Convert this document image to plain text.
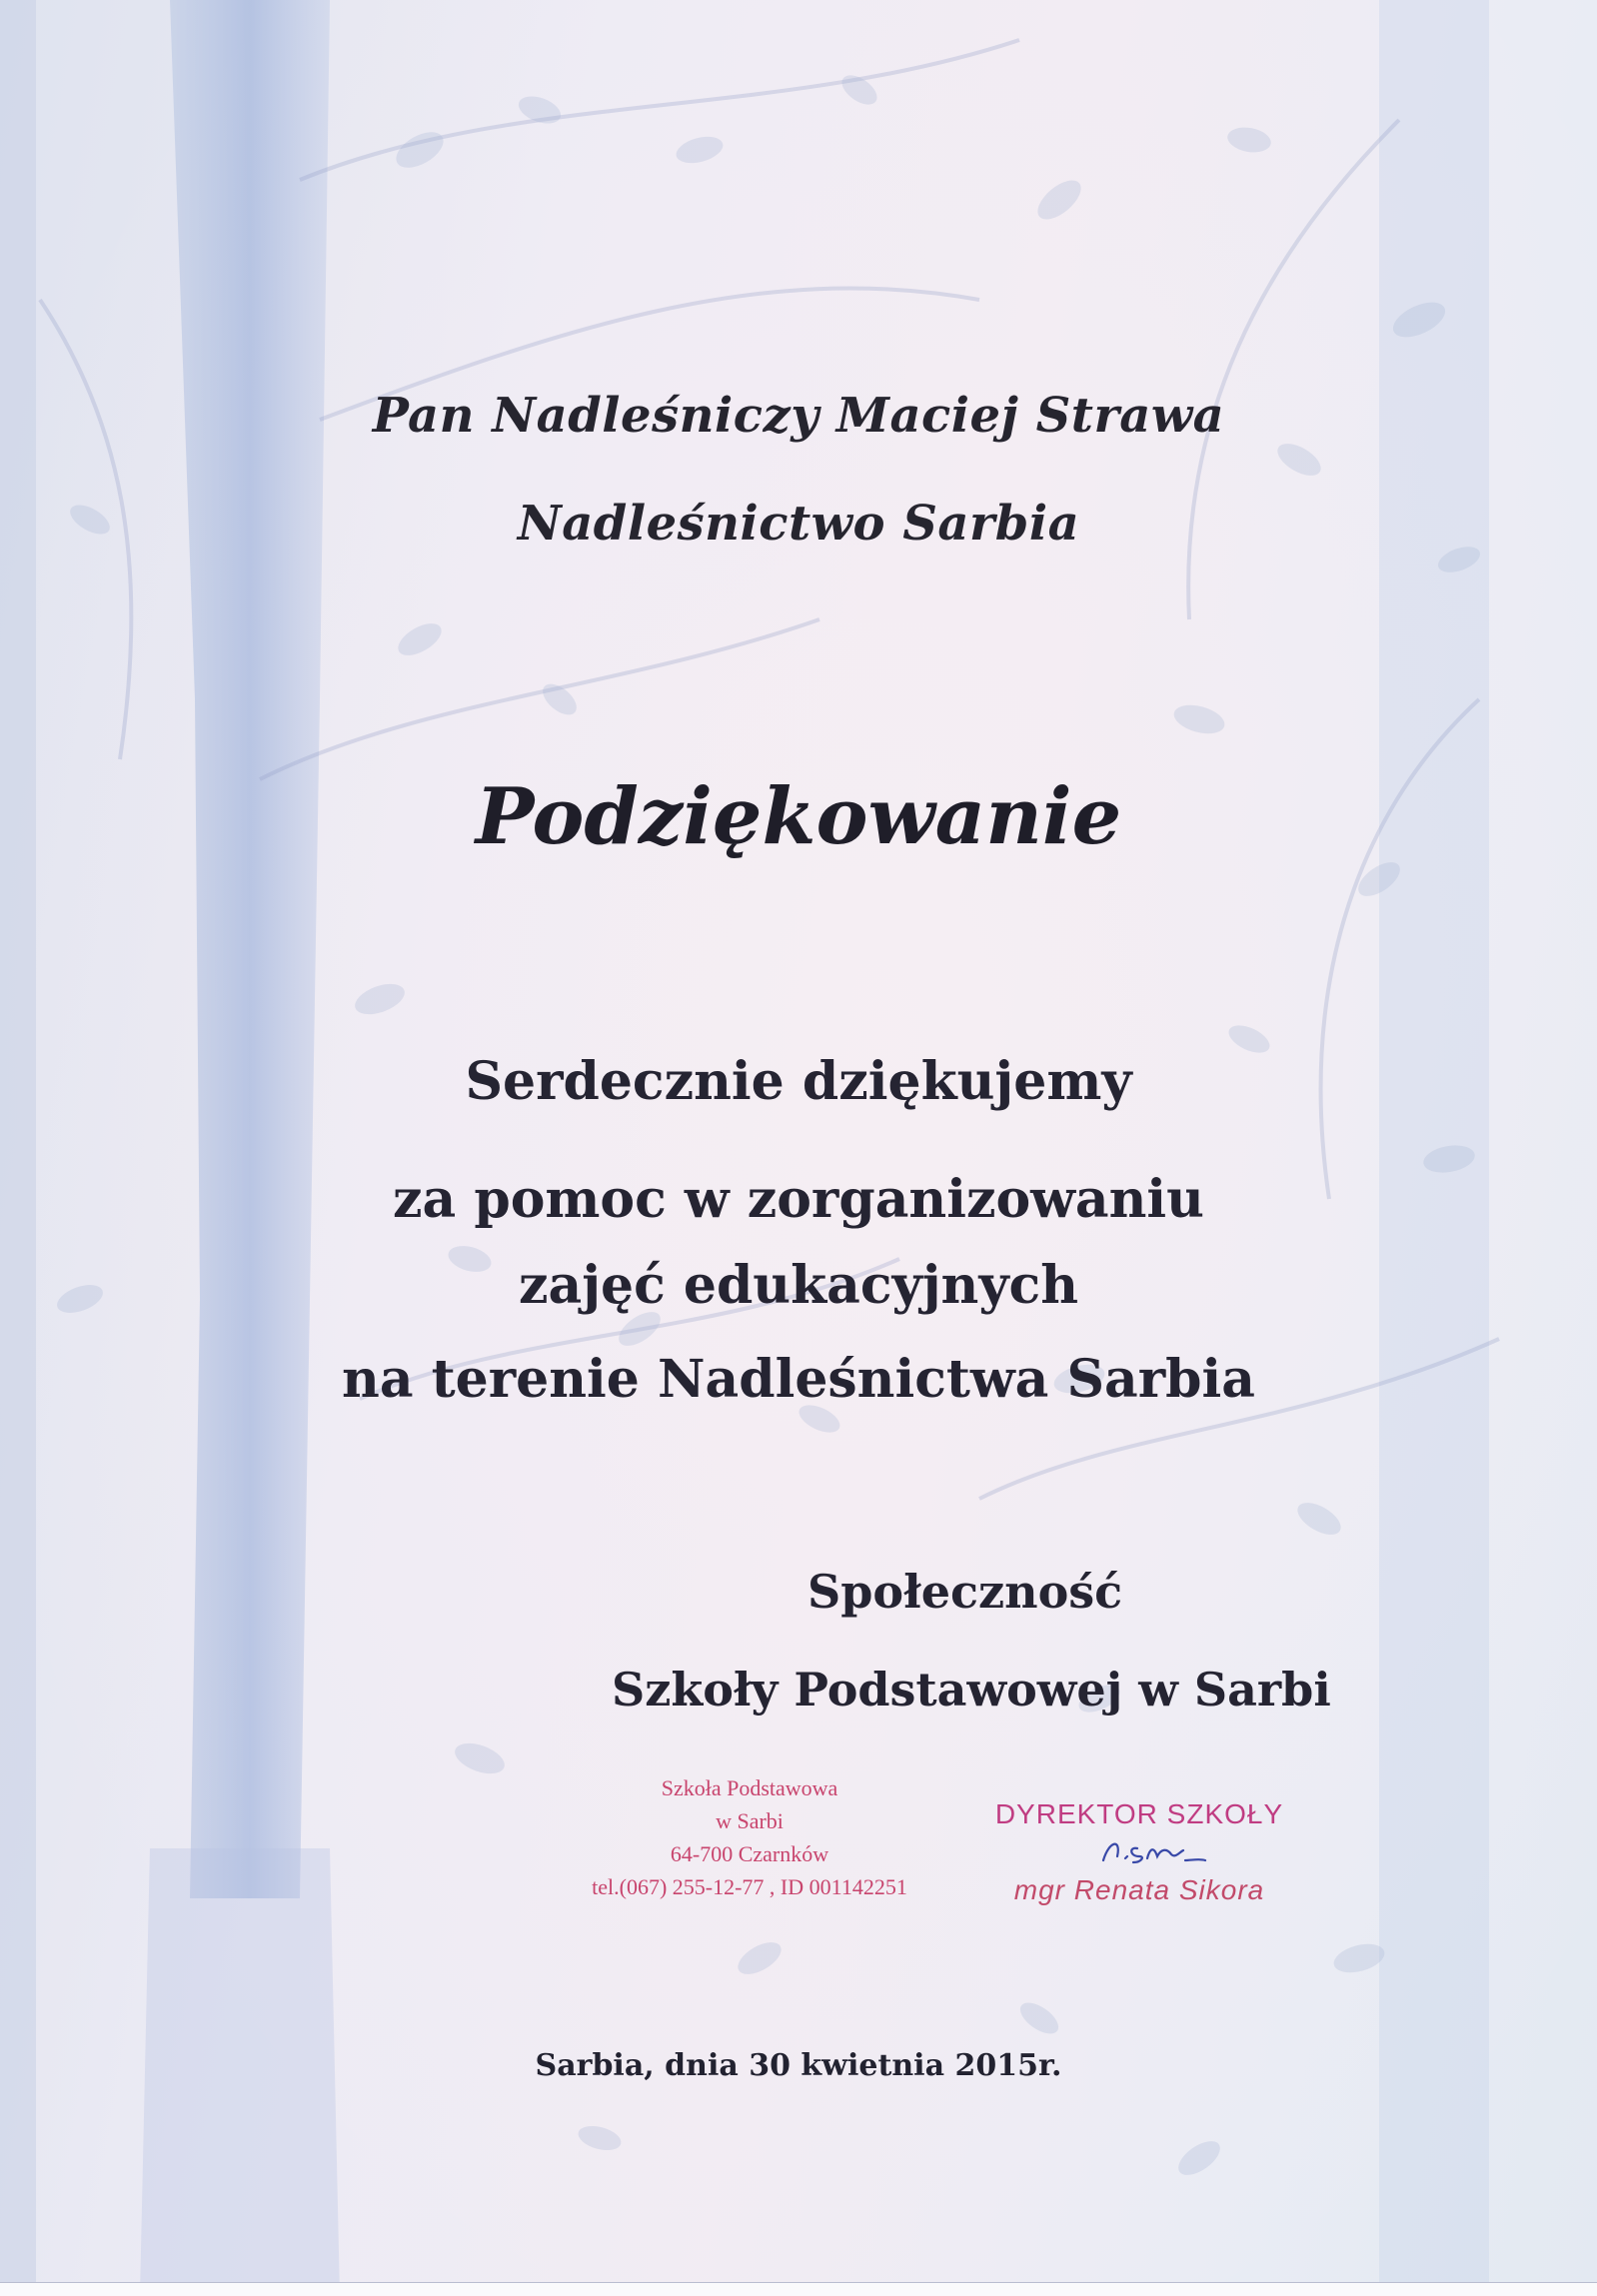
Pan Nadleśniczy Maciej Strawa
Nadleśnictwo Sarbia
Podziękowanie
Serdecznie dziękujemy
za pomoc w zorganizowaniu
zajęć edukacyjnych
na terenie Nadleśnictwa Sarbia
Społeczność
Szkoły Podstawowej w Sarbi
Szkoła Podstawowa
w Sarbi
64-700 Czarnków
tel.(067) 255-12-77 , ID 001142251
DYREKTOR SZKOŁY
mgr Renata Sikora
Sarbia, dnia 30 kwietnia 2015r.
